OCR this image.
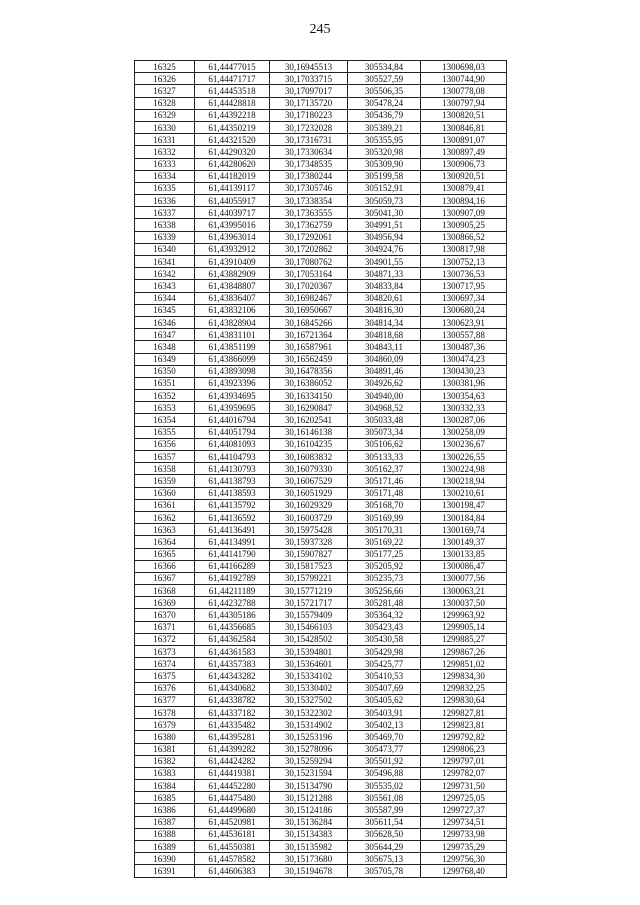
245
16325	61,44477015	30,16945513	305534,84	1300698,03
16326	61,44471717	30,17033715	305527,59	1300744,90
16327	61,44453518	30,17097017	305506,35	1300778,08
16328	61,44428818	30,17135720	305478,24	1300797,94
16329	61,44392218	30,17180223	305436,79	1300820,51
16330	61,44350219	30,17232028	305389,21	1300846,81
16331	61,44321520	30,17316731	305355,95	1300891,07
16332	61,44290320	30,17330634	305320,98	1300897,49
16333	61,44280620	30,17348535	305309,90	1300906,73
16334	61,44182019	30,17380244	305199,58	1300920,51
16335	61,44139117	30,17305746	305152,91	1300879,41
16336	61,44055917	30,17338354	305059,73	1300894,16
16337	61,44039717	30,17363555	305041,30	1300907,09
16338	61,43995016	30,17362759	304991,51	1300905,25
16339	61,43963014	30,17292061	304956,94	1300866,52
16340	61,43932912	30,17202862	304924,76	1300817,98
16341	61,43910409	30,17080762	304901,55	1300752,13
16342	61,43882909	30,17053164	304871,33	1300736,53
16343	61,43848807	30,17020367	304833,84	1300717,95
16344	61,43836407	30,16982467	304820,61	1300697,34
16345	61,43832106	30,16950667	304816,30	1300680,24
16346	61,43828904	30,16845266	304814,34	1300623,91
16347	61,43831101	30,16721364	304818,68	1300557,88
16348	61,43851199	30,16587961	304843,11	1300487,36
16349	61,43866099	30,16562459	304860,09	1300474,23
16350	61,43893098	30,16478356	304891,46	1300430,23
16351	61,43923396	30,16386052	304926,62	1300381,96
16352	61,43934695	30,16334150	304940,00	1300354,63
16353	61,43959695	30,16290847	304968,52	1300332,33
16354	61,44016794	30,16202541	305033,48	1300287,06
16355	61,44051794	30,16146138	305073,34	1300258,09
16356	61,44081093	30,16104235	305106,62	1300236,67
16357	61,44104793	30,16083832	305133,33	1300226,55
16358	61,44130793	30,16079330	305162,37	1300224,98
16359	61,44138793	30,16067529	305171,46	1300218,94
16360	61,44138593	30,16051929	305171,48	1300210,61
16361	61,44135792	30,16029329	305168,70	1300198,47
16362	61,44136592	30,16003729	305169,99	1300184,84
16363	61,44136491	30,15975428	305170,31	1300169,74
16364	61,44134991	30,15937328	305169,22	1300149,37
16365	61,44141790	30,15907827	305177,25	1300133,85
16366	61,44166289	30,15817523	305205,92	1300086,47
16367	61,44192789	30,15799221	305235,73	1300077,56
16368	61,44211189	30,15771219	305256,66	1300063,21
16369	61,44232788	30,15721717	305281,48	1300037,50
16370	61,44305186	30,15579409	305364,32	1299963,92
16371	61,44356685	30,15466103	305423,43	1299905,14
16372	61,44362584	30,15428502	305430,58	1299885,27
16373	61,44361583	30,15394801	305429,98	1299867,26
16374	61,44357383	30,15364601	305425,77	1299851,02
16375	61,44343282	30,15334102	305410,53	1299834,30
16376	61,44340682	30,15330402	305407,69	1299832,25
16377	61,44338782	30,15327502	305405,62	1299830,64
16378	61,44337182	30,15322302	305403,91	1299827,81
16379	61,44335482	30,15314902	305402,13	1299823,81
16380	61,44395281	30,15253196	305469,70	1299792,82
16381	61,44399282	30,15278096	305473,77	1299806,23
16382	61,44424282	30,15259294	305501,92	1299797,01
16383	61,44419381	30,15231594	305496,88	1299782,07
16384	61,44452280	30,15134790	305535,02	1299731,50
16385	61,44475480	30,15121288	305561,08	1299725,05
16386	61,44499680	30,15124186	305587,99	1299727,37
16387	61,44520981	30,15136284	305611,54	1299734,51
16388	61,44536181	30,15134383	305628,50	1299733,98
16389	61,44550381	30,15135982	305644,29	1299735,29
16390	61,44578582	30,15173680	305675,13	1299756,30
16391	61,44606383	30,15194678	305705,78	1299768,40
